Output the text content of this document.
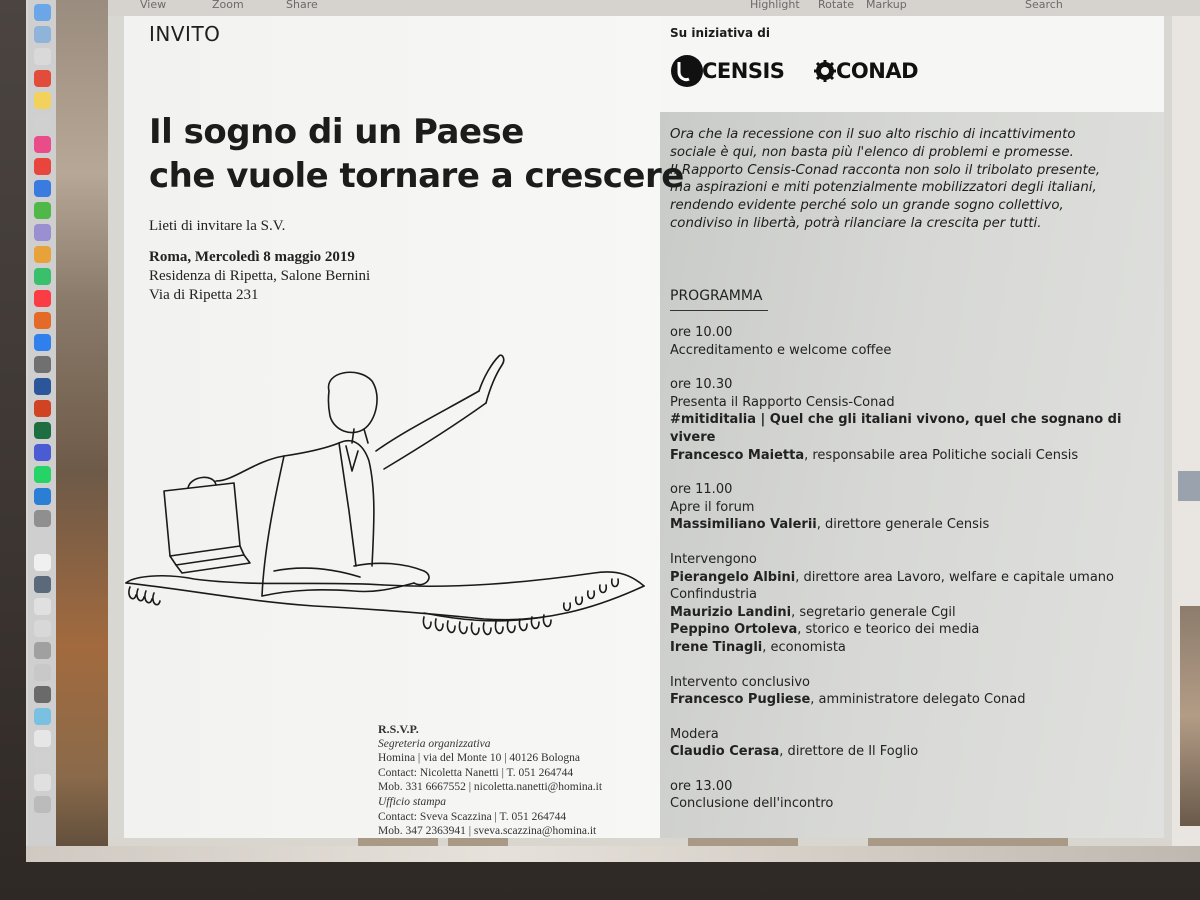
View	Zoom	Share	Highlight Rotate Markup	Search
INVITO
Il sogno di un Paese
che vuole tornare a crescere
Lieti di invitare la S.V.
Roma, Mercoledì 8 maggio 2019
Residenza di Ripetta, Salone Bernini
Via di Ripetta 231
R.S.V.P.
Segreteria organizzativa
Homina | via del Monte 10 | 40126 Bologna
Contact: Nicoletta Nanetti | T. 051 264744
Mob. 331 6667552 | nicoletta.nanetti@homina.it
Ufficio stampa
Contact: Sveva Scazzina | T. 051 264744
Mob. 347 2363941 | sveva.scazzina@homina.it
Su iniziativa di
CENSIS CONAD

Ora che la recessione con il suo alto rischio di incattivimento

sociale è qui, non basta più l'elenco di problemi e promesse.

Il Rapporto Censis-Conad racconta non solo il tribolato presente,

ma aspirazioni e miti potenzialmente mobilizzatori degli italiani,

rendendo evidente perché solo un grande sogno collettivo,

condiviso in libertà, potrà rilanciare la crescita per tutti.

PROGRAMMA
ore 10.00
Accreditamento e welcome coffee
ore 10.30
Presenta il Rapporto Censis-Conad
#mitiditalia | Quel che gli italiani vivono, quel che sognano di vivere
Francesco Maietta, responsabile area Politiche sociali Censis
ore 11.00
Apre il forum
Massimiliano Valerii, direttore generale Censis
Intervengono
Pierangelo Albini, direttore area Lavoro, welfare e capitale umano Confindustria
Maurizio Landini, segretario generale Cgil
Peppino Ortoleva, storico e teorico dei media
Irene Tinagli, economista
Intervento conclusivo
Francesco Pugliese, amministratore delegato Conad
Modera
Claudio Cerasa, direttore de Il Foglio
ore 13.00
Conclusione dell'incontro
